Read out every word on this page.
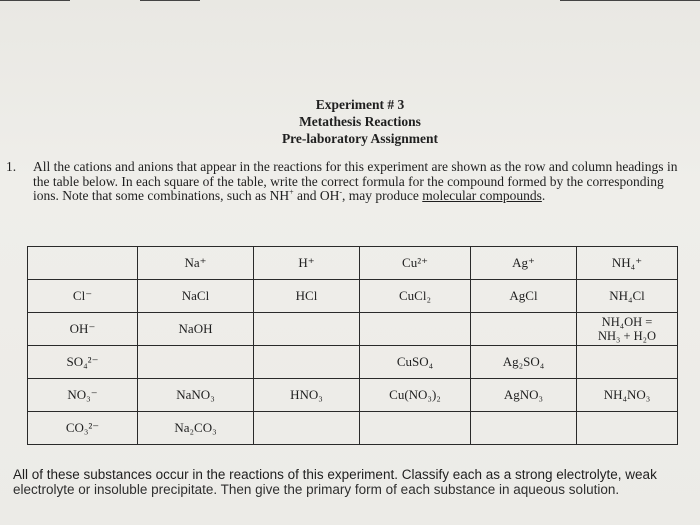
Experiment # 3
Metathesis Reactions
Pre-laboratory Assignment
1. All the cations and anions that appear in the reactions for this experiment are shown as the row and column headings in the table below. In each square of the table, write the correct formula for the compound formed by the corresponding ions. Note that some combinations, such as NH+ and OH-, may produce molecular compounds.
	Na⁺	H⁺	Cu²⁺	Ag⁺	NH₄⁺
Cl⁻	NaCl	HCl	CuCl₂	AgCl	NH₄Cl
OH⁻	NaOH				NH₄OH =
NH₃ + H₂O

SO₄²⁻			CuSO₄	Ag₂SO₄	
NO₃⁻	NaNO₃	HNO₃	Cu(NO₃)₂	AgNO₃	NH₄NO₃
CO₃²⁻	Na₂CO₃				
All of these substances occur in the reactions of this experiment. Classify each as a strong electrolyte, weak
electrolyte or insoluble precipitate. Then give the primary form of each substance in aqueous solution.
